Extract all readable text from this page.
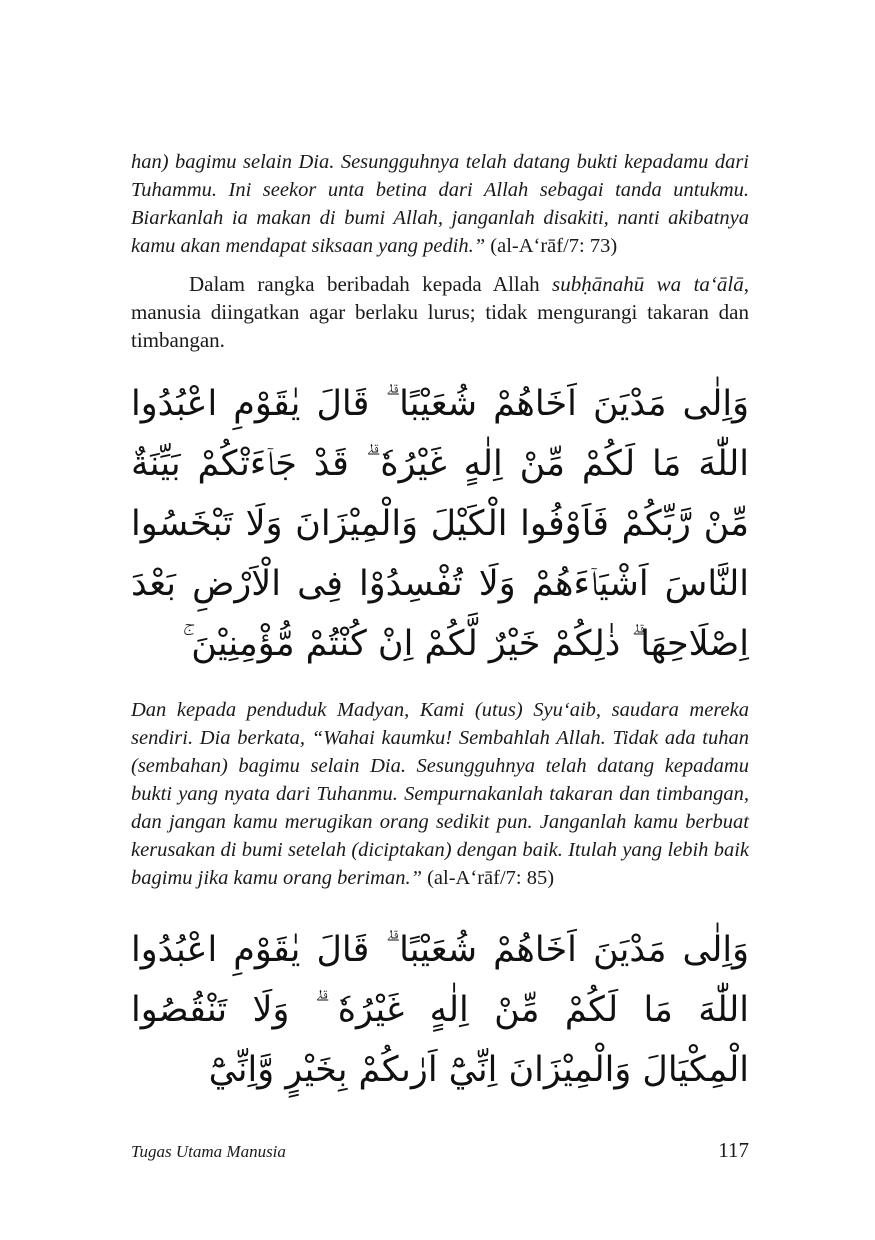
han) bagimu selain Dia. Sesungguhnya telah datang bukti kepadamu dari Tuhammu. Ini seekor unta betina dari Allah sebagai tanda untukmu. Biarkanlah ia makan di bumi Allah, janganlah disakiti, nanti akibatnya kamu akan mendapat siksaan yang pedih.” (al-A‘rāf/7: 73)

Dalam rangka beribadah kepada Allah subḥānahū wa ta‘ālā, manusia diingatkan agar berlaku lurus; tidak mengurangi takaran dan timbangan.

وَاِلٰى مَدْيَنَ اَخَاهُمْ شُعَيْبًا ۗ قَالَ يٰقَوْمِ اعْبُدُوا اللّٰهَ مَا لَكُمْ مِّنْ اِلٰهٍ غَيْرُهٗ ۗ قَدْ جَاۤءَتْكُمْ بَيِّنَةٌ مِّنْ رَّبِّكُمْ فَاَوْفُوا الْكَيْلَ وَالْمِيْزَانَ وَلَا تَبْخَسُوا النَّاسَ اَشْيَاۤءَهُمْ وَلَا تُفْسِدُوْا فِى الْاَرْضِ بَعْدَ اِصْلَاحِهَا ۗ ذٰلِكُمْ خَيْرٌ لَّكُمْ اِنْ كُنْتُمْ مُّؤْمِنِيْنَ ۚ

Dan kepada penduduk Madyan, Kami (utus) Syu‘aib, saudara mereka sendiri. Dia berkata, “Wahai kaumku! Sembahlah Allah. Tidak ada tuhan (sembahan) bagimu selain Dia. Sesungguhnya telah datang kepadamu bukti yang nyata dari Tuhanmu. Sempurnakanlah takaran dan timbangan, dan jangan kamu merugikan orang sedikit pun. Janganlah kamu berbuat kerusakan di bumi setelah (diciptakan) dengan baik. Itulah yang lebih baik bagimu jika kamu orang beriman.” (al-A‘rāf/7: 85)

وَاِلٰى مَدْيَنَ اَخَاهُمْ شُعَيْبًا ۗ قَالَ يٰقَوْمِ اعْبُدُوا اللّٰهَ مَا لَكُمْ مِّنْ اِلٰهٍ غَيْرُهٗ ۗ وَلَا تَنْقُصُوا الْمِكْيَالَ وَالْمِيْزَانَ اِنِّيْٓ اَرٰىكُمْ بِخَيْرٍ وَّاِنِّيْٓ

Tugas Utama Manusia	117
